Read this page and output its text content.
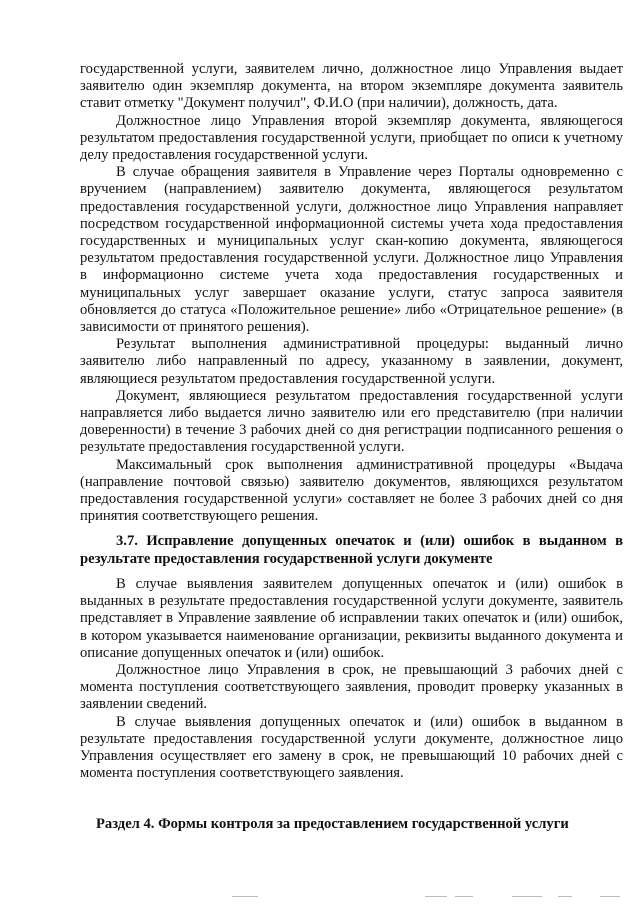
государственной услуги, заявителем лично, должностное лицо Управления выдает заявителю один экземпляр документа, на втором экземпляре документа заявитель ставит отметку "Документ получил", Ф.И.О (при наличии), должность, дата.

Должностное лицо Управления второй экземпляр документа, являющегося результатом предоставления государственной услуги, приобщает по описи к учетному делу предоставления государственной услуги.

В случае обращения заявителя в Управление через Порталы одновременно с вручением (направлением) заявителю документа, являющегося результатом предоставления государственной услуги, должностное лицо Управления направляет посредством государственной информационной системы учета хода предоставления государственных и муниципальных услуг скан-копию документа, являющегося результатом предоставления государственной услуги. Должностное лицо Управления в информационно системе учета хода предоставления государственных и муниципальных услуг завершает оказание услуги, статус запроса заявителя обновляется до статуса «Положительное решение» либо «Отрицательное решение» (в зависимости от принятого решения).

Результат выполнения административной процедуры: выданный лично заявителю либо направленный по адресу, указанному в заявлении, документ, являющиеся результатом предоставления государственной услуги.

Документ, являющиеся результатом предоставления государственной услуги направляется либо выдается лично заявителю или его представителю (при наличии доверенности) в течение 3 рабочих дней со дня регистрации подписанного решения о результате предоставления государственной услуги.

Максимальный срок выполнения административной процедуры «Выдача (направление почтовой связью) заявителю документов, являющихся результатом предоставления государственной услуги» составляет не более 3 рабочих дней со дня принятия соответствующего решения.

3.7. Исправление допущенных опечаток и (или) ошибок в выданном в результате предоставления государственной услуги документе

В случае выявления заявителем допущенных опечаток и (или) ошибок в выданных в результате предоставления государственной услуги документе, заявитель представляет в Управление заявление об исправлении таких опечаток и (или) ошибок, в котором указывается наименование организации, реквизиты выданного документа и описание допущенных опечаток и (или) ошибок.

Должностное лицо Управления в срок, не превышающий 3 рабочих дней с момента поступления соответствующего заявления, проводит проверку указанных в заявлении сведений.

В случае выявления допущенных опечаток и (или) ошибок в выданном в результате предоставления государственной услуги документе, должностное лицо Управления осуществляет его замену в срок, не превышающий 10 рабочих дней с момента поступления соответствующего заявления.

Раздел 4. Формы контроля за предоставлением государственной услуги
